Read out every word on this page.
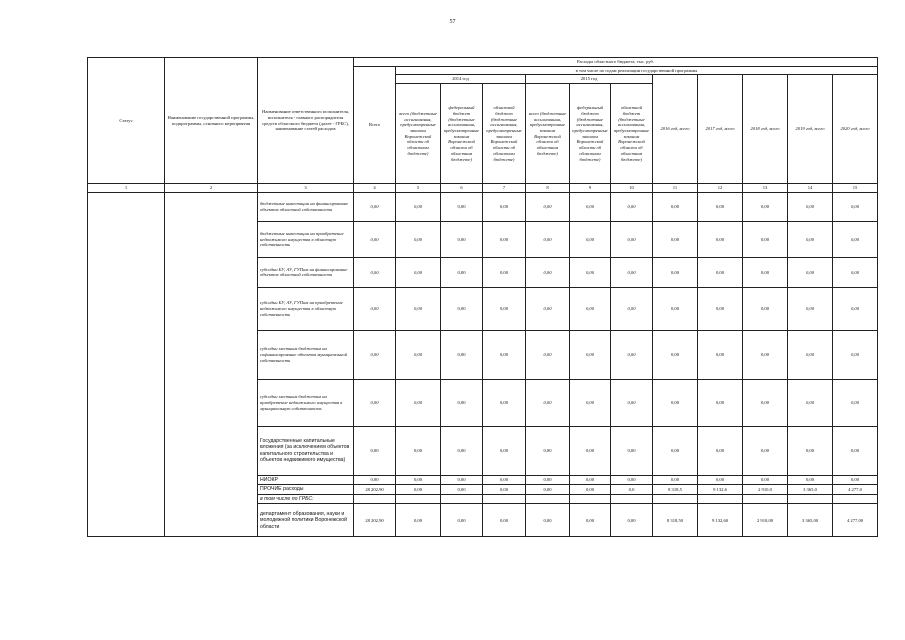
57
Статус	Наименование государственной программы, подпрограммы, основного мероприятия	Наименование ответственного исполнителя, исполнителя - главного распорядителя средств областного бюджета (далее - ГРБС), наименование статей расходов	Расходы областного бюджета, тыс. руб.											
			Всего	в том числе по годам реализации государственной программы										
				2014 год			2015 год			2016 год, всего	2017 год, всего	2018 год, всего	2019 год, всего	2020 год, всего
				всего (бюджетные ассигнования, предусмотренные законом Воронежской области об областном бюджете)	федеральный бюджет (бюджетные ассигнования, предусмотренные законом Воронежской области об областном бюджете)	областной бюджет (бюджетные ассигнования, предусмотренные законом Воронежской области об областном бюджете)	всего (бюджетные ассигнования, предусмотренные законом Воронежской области об областном бюджете)	федеральный бюджет (бюджетные ассигнования, предусмотренные законом Воронежской области об областном бюджете)	областной бюджет (бюджетные ассигнования, предусмотренные законом Воронежской области об областном бюджете)					
1	2	3	4	5	6	7	8	9	10	11	12	13	14	15
		бюджетные инвестиции на финансирование объектов областной собственности	0,00	0,00	0,00	0,00	0,00	0,00	0,00	0,00	0,00	0,00	0,00	0,00
		бюджетные инвестиции на приобретение недвижимого имущества в областную собственность	0,00	0,00	0,00	0,00	0,00	0,00	0,00	0,00	0,00	0,00	0,00	0,00
		субсидии БУ, АУ, ГУПам на финансирование объектов областной собственности	0,00	0,00	0,00	0,00	0,00	0,00	0,00	0,00	0,00	0,00	0,00	0,00
		субсидии БУ, АУ, ГУПам на приобретение недвижимого имущества в областную собственность	0,00	0,00	0,00	0,00	0,00	0,00	0,00	0,00	0,00	0,00	0,00	0,00
		субсидии местным бюджетам на софинансирование объектов муниципальной собственности	0,00	0,00	0,00	0,00	0,00	0,00	0,00	0,00	0,00	0,00	0,00	0,00
		субсидии местным бюджетам на приобретение недвижимого имущества в муниципальную собственность	0,00	0,00	0,00	0,00	0,00	0,00	0,00	0,00	0,00	0,00	0,00	0,00
		Государственные капитальные вложения (за исключением объектов капитального строительства и объектов недвижимого имущества)	0,00	0,00	0,00	0,00	0,00	0,00	0,00	0,00	0,00	0,00	0,00	0,00
		НИОКР	0,00	0,00	0,00	0,00	0,00	0,00	0,00	0,00	0,00	0,00	0,00	0,00
		ПРОЧИЕ расходы	28 202,90	0,00	0,00	0,00	0,00	0,00	0,0	8 318,5	9 132,6	2 910,0	3 365,0	4 277,0
		в том числе по ГРБС:												
		департамент образования, науки и молодежной политики Воронежской области	28 202,90	0,00	0,00	0,00	0,00	0,00	0,00	8 318,50	9 132,60	2 910,00	3 365,00	4 277,00
